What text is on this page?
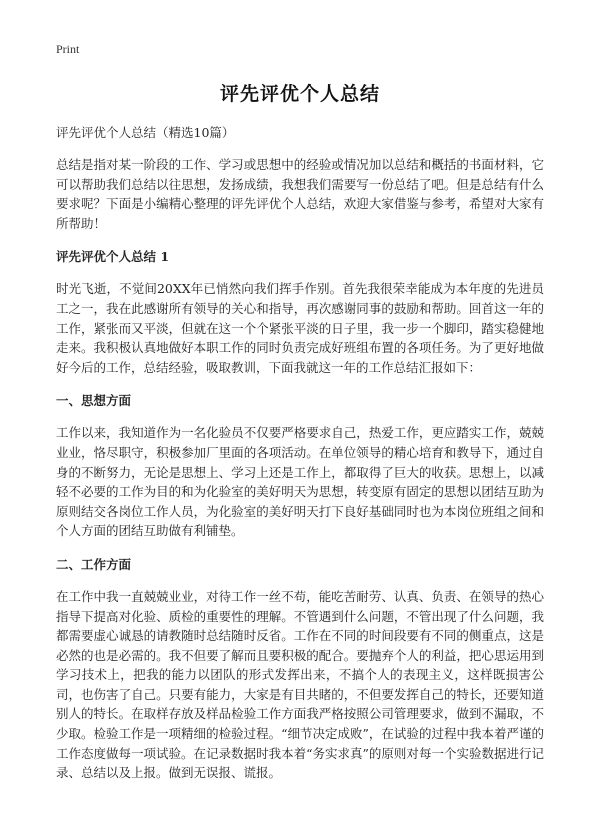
Print
评先评优个人总结

评先评优个人总结（精选10篇）

总结是指对某一阶段的工作、学习或思想中的经验或情况加以总结和概括的书面材料，它可以帮助我们总结以往思想，发扬成绩，我想我们需要写一份总结了吧。但是总结有什么要求呢？下面是小编精心整理的评先评优个人总结，欢迎大家借鉴与参考，希望对大家有所帮助！

评先评优个人总结 1

时光飞逝，不觉间20XX年已悄然向我们挥手作别。首先我很荣幸能成为本年度的先进员工之一，我在此感谢所有领导的关心和指导，再次感谢同事的鼓励和帮助。回首这一年的工作，紧张而又平淡，但就在这一个个紧张平淡的日子里，我一步一个脚印，踏实稳健地走来。我积极认真地做好本职工作的同时负责完成好班组布置的各项任务。为了更好地做好今后的工作，总结经验，吸取教训，下面我就这一年的工作总结汇报如下：

一、思想方面

工作以来，我知道作为一名化验员不仅要严格要求自己，热爱工作，更应踏实工作，兢兢业业，恪尽职守，积极参加厂里面的各项活动。在单位领导的精心培育和教导下，通过自身的不断努力，无论是思想上、学习上还是工作上，都取得了巨大的收获。思想上，以减轻不必要的工作为目的和为化验室的美好明天为思想，转变原有固定的思想以团结互助为原则结交各岗位工作人员，为化验室的美好明天打下良好基础同时也为本岗位班组之间和个人方面的团结互助做有利铺垫。

二、工作方面

在工作中我一直兢兢业业，对待工作一丝不苟，能吃苦耐劳、认真、负责、在领导的热心指导下提高对化验、质检的重要性的理解。不管遇到什么问题，不管出现了什么问题，我都需要虚心诚恳的请教随时总结随时反省。工作在不同的时间段要有不同的侧重点，这是必然的也是必需的。我不但要了解而且要积极的配合。要抛弃个人的利益，把心思运用到学习技术上，把我的能力以团队的形式发挥出来，不搞个人的表现主义，这样既损害公司，也伤害了自己。只要有能力，大家是有目共睹的，不但要发挥自己的特长，还要知道别人的特长。在取样存放及样品检验工作方面我严格按照公司管理要求，做到不漏取，不少取。检验工作是一项精细的检验过程。“细节决定成败”，在试验的过程中我本着严谨的工作态度做每一项试验。在记录数据时我本着“务实求真”的原则对每一个实验数据进行记录、总结以及上报。做到无误报、谎报。
